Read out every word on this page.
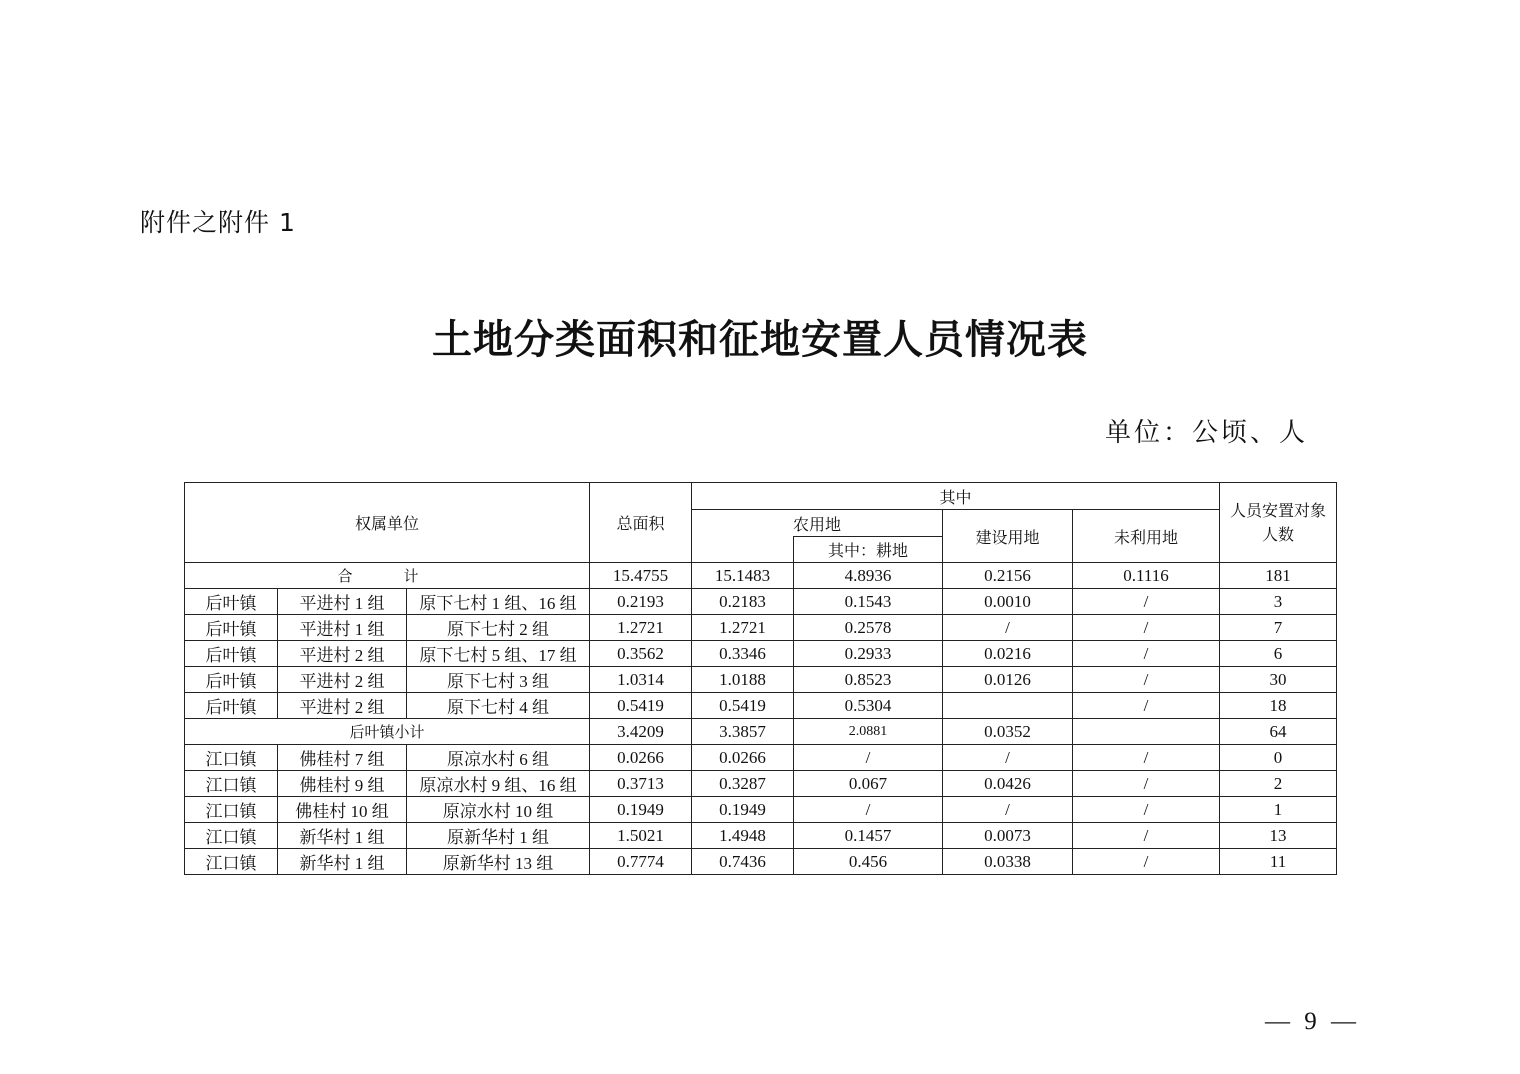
附件之附件 1
土地分类面积和征地安置人员情况表
单位：公顷、人
权属单位			总面积	其中				人员安置对象人数
				农用地		建设用地	未利用地	
					其中：耕地			
合　计			15.4755	15.1483	4.8936	0.2156	0.1116	181
后叶镇	平进村 1 组	原下七村 1 组、16 组	0.2193	0.2183	0.1543	0.0010	/	3
后叶镇	平进村 1 组	原下七村 2 组	1.2721	1.2721	0.2578	/	/	7
后叶镇	平进村 2 组	原下七村 5 组、17 组	0.3562	0.3346	0.2933	0.0216	/	6
后叶镇	平进村 2 组	原下七村 3 组	1.0314	1.0188	0.8523	0.0126	/	30
后叶镇	平进村 2 组	原下七村 4 组	0.5419	0.5419	0.5304		/	18
后叶镇小计			3.4209	3.3857	2.0881	0.0352		64
江口镇	佛桂村 7 组	原凉水村 6 组	0.0266	0.0266	/	/	/	0
江口镇	佛桂村 9 组	原凉水村 9 组、16 组	0.3713	0.3287	0.067	0.0426	/	2
江口镇	佛桂村 10 组	原凉水村 10 组	0.1949	0.1949	/	/	/	1
江口镇	新华村 1 组	原新华村 1 组	1.5021	1.4948	0.1457	0.0073	/	13
江口镇	新华村 1 组	原新华村 13 组	0.7774	0.7436	0.456	0.0338	/	11
— 9 —
